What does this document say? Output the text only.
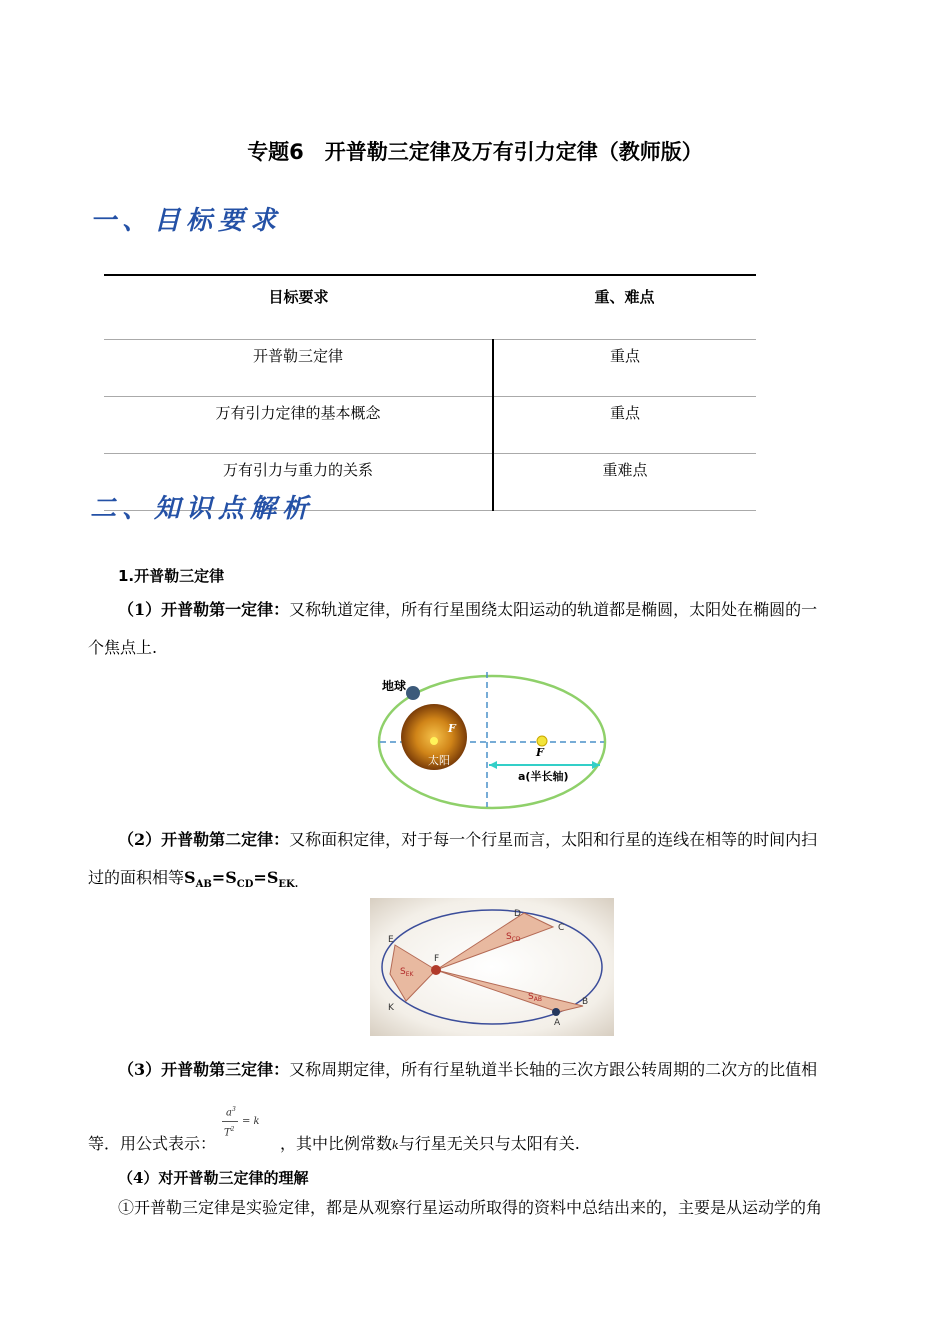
专题6　开普勒三定律及万有引力定律（教师版）
一、目标要求
目标要求	重、难点
开普勒三定律	重点
万有引力定律的基本概念	重点
万有引力与重力的关系	重难点
二、知识点解析
1.开普勒三定律
（1）开普勒第一定律：又称轨道定律，所有行星围绕太阳运动的轨道都是椭圆，太阳处在椭圆的一
个焦点上.
地球
F
太阳
F
a(半长轴)
（2）开普勒第二定律：又称面积定律，对于每一个行星而言，太阳和行星的连线在相等的时间内扫
过的面积相等$S_{AB}=S_{CD}=S_{EK.}$
D
C
E
F
K
B
A
$S_{CD}$
$S_{EK}$
$S_{AB}$
（3）开普勒第三定律：又称周期定律，所有行星轨道半长轴的三次方跟公转周期的二次方的比值相
$a^3$
$T^2$
= k
等．用公式表示：	，其中比例常数k与行星无关只与太阳有关.
（4）对开普勒三定律的理解
①开普勒三定律是实验定律，都是从观察行星运动所取得的资料中总结出来的，主要是从运动学的角
